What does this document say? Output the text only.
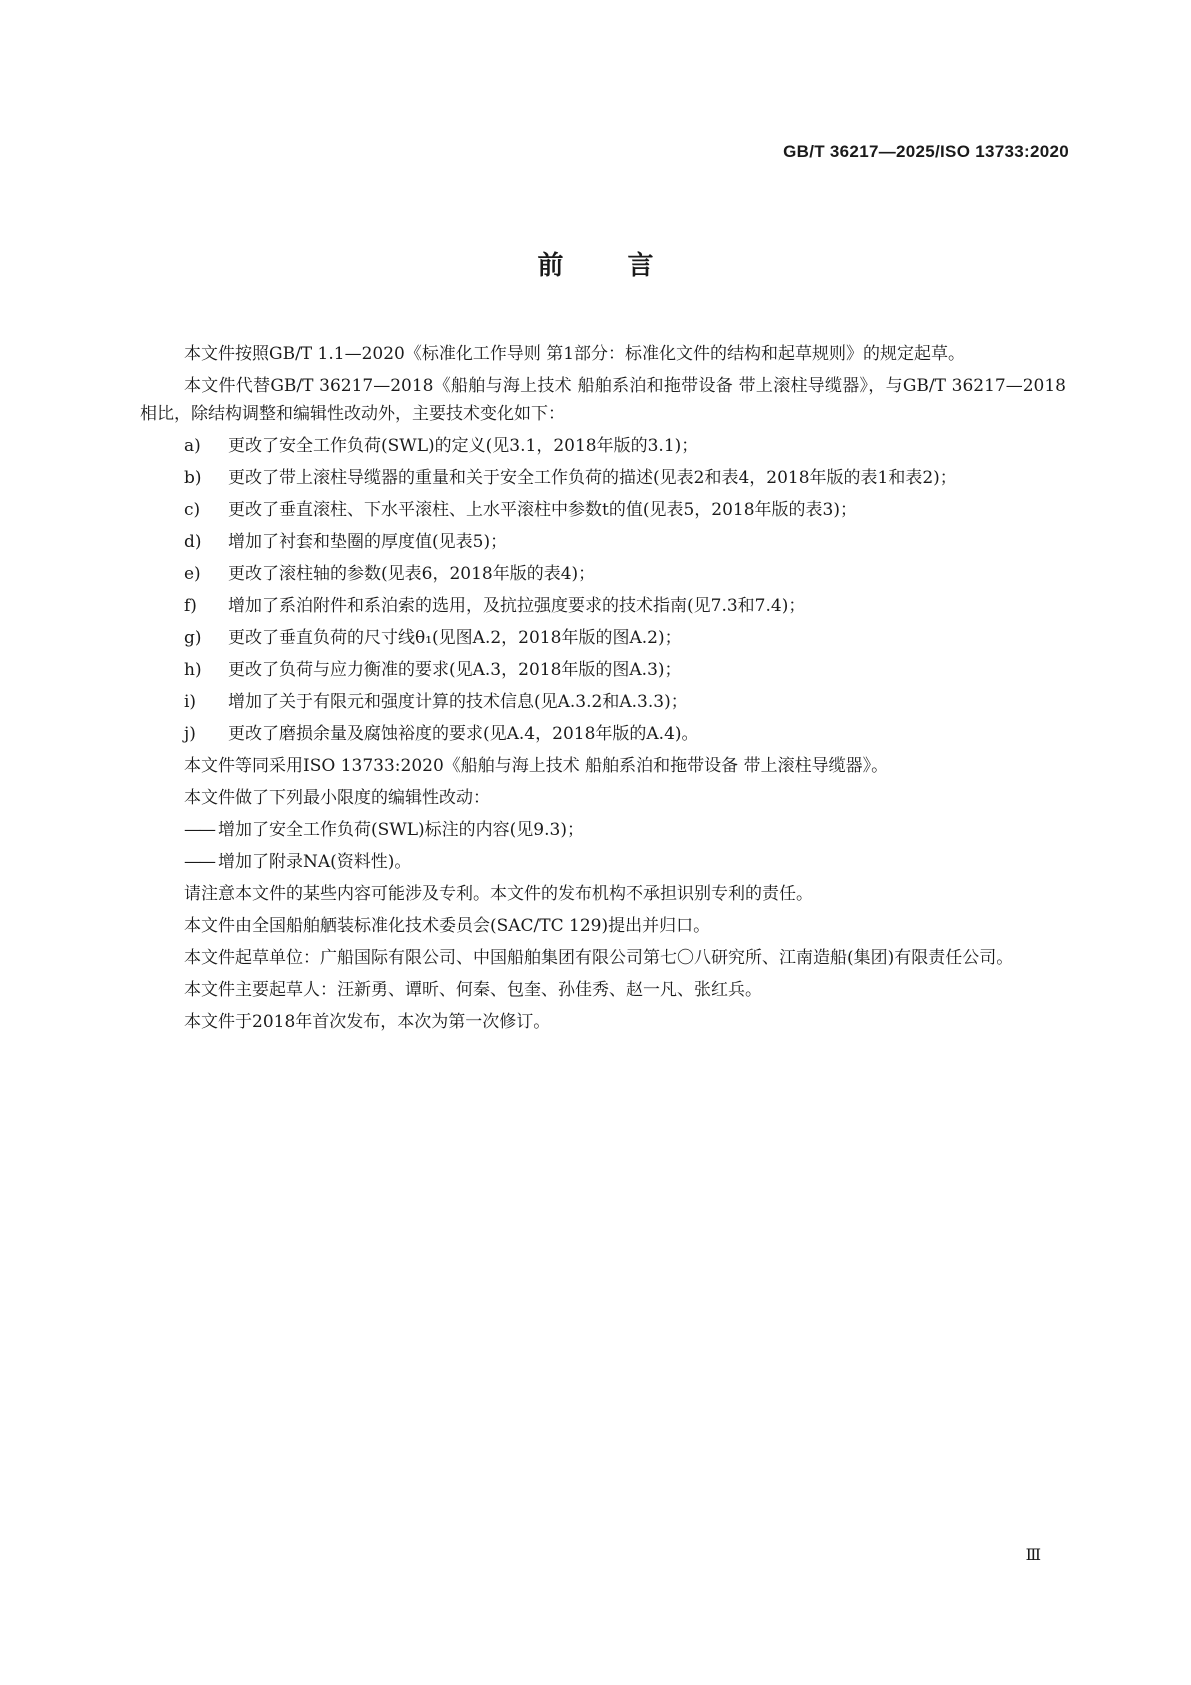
GB/T 36217—2025/ISO 13733:2020
前言

本文件按照GB/T 1.1—2020《标准化工作导则 第1部分：标准化文件的结构和起草规则》的规定起草。

本文件代替GB/T 36217—2018《船舶与海上技术 船舶系泊和拖带设备 带上滚柱导缆器》，与GB/T 36217—2018相比，除结构调整和编辑性改动外，主要技术变化如下：

a)	更改了安全工作负荷(SWL)的定义(见3.1，2018年版的3.1)；
b)	更改了带上滚柱导缆器的重量和关于安全工作负荷的描述(见表2和表4，2018年版的表1和表2)；
c)	更改了垂直滚柱、下水平滚柱、上水平滚柱中参数t的值(见表5，2018年版的表3)；
d)	增加了衬套和垫圈的厚度值(见表5)；
e)	更改了滚柱轴的参数(见表6，2018年版的表4)；
f)	增加了系泊附件和系泊索的选用，及抗拉强度要求的技术指南(见7.3和7.4)；
g)	更改了垂直负荷的尺寸线θ₁(见图A.2，2018年版的图A.2)；
h)	更改了负荷与应力衡准的要求(见A.3，2018年版的图A.3)；
i)	增加了关于有限元和强度计算的技术信息(见A.3.2和A.3.3)；
j)	更改了磨损余量及腐蚀裕度的要求(见A.4，2018年版的A.4)。

本文件等同采用ISO 13733:2020《船舶与海上技术 船舶系泊和拖带设备 带上滚柱导缆器》。

本文件做了下列最小限度的编辑性改动：

—— 增加了安全工作负荷(SWL)标注的内容(见9.3)；
—— 增加了附录NA(资料性)。

请注意本文件的某些内容可能涉及专利。本文件的发布机构不承担识别专利的责任。

本文件由全国船舶舾装标准化技术委员会(SAC/TC 129)提出并归口。

本文件起草单位：广船国际有限公司、中国船舶集团有限公司第七〇八研究所、江南造船(集团)有限责任公司。

本文件主要起草人：汪新勇、谭昕、何秦、包奎、孙佳秀、赵一凡、张红兵。

本文件于2018年首次发布，本次为第一次修订。

Ⅲ
